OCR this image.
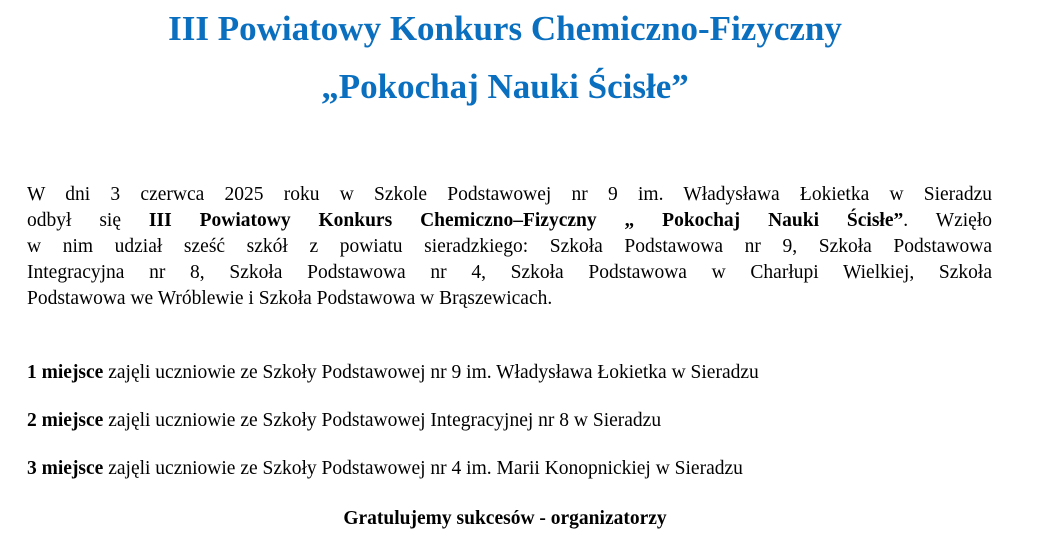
III Powiatowy Konkurs Chemiczno-Fizyczny
„Pokochaj Nauki Ścisłe”
W dni 3 czerwca 2025 roku w Szkole Podstawowej nr 9 im. Władysława Łokietka w Sieradzu
odbył się III Powiatowy Konkurs Chemiczno–Fizyczny „ Pokochaj Nauki Ścisłe”. Wzięło
w nim udział sześć szkół z powiatu sieradzkiego: Szkoła Podstawowa nr 9, Szkoła Podstawowa
Integracyjna nr 8, Szkoła Podstawowa nr 4, Szkoła Podstawowa w Charłupi Wielkiej, Szkoła
Podstawowa we Wróblewie i Szkoła Podstawowa w Brąszewicach.
1 miejsce zajęli uczniowie ze Szkoły Podstawowej nr 9 im. Władysława Łokietka w Sieradzu
2 miejsce zajęli uczniowie ze Szkoły Podstawowej Integracyjnej nr 8 w Sieradzu
3 miejsce zajęli uczniowie ze Szkoły Podstawowej nr 4 im. Marii Konopnickiej w Sieradzu
Gratulujemy sukcesów - organizatorzy
